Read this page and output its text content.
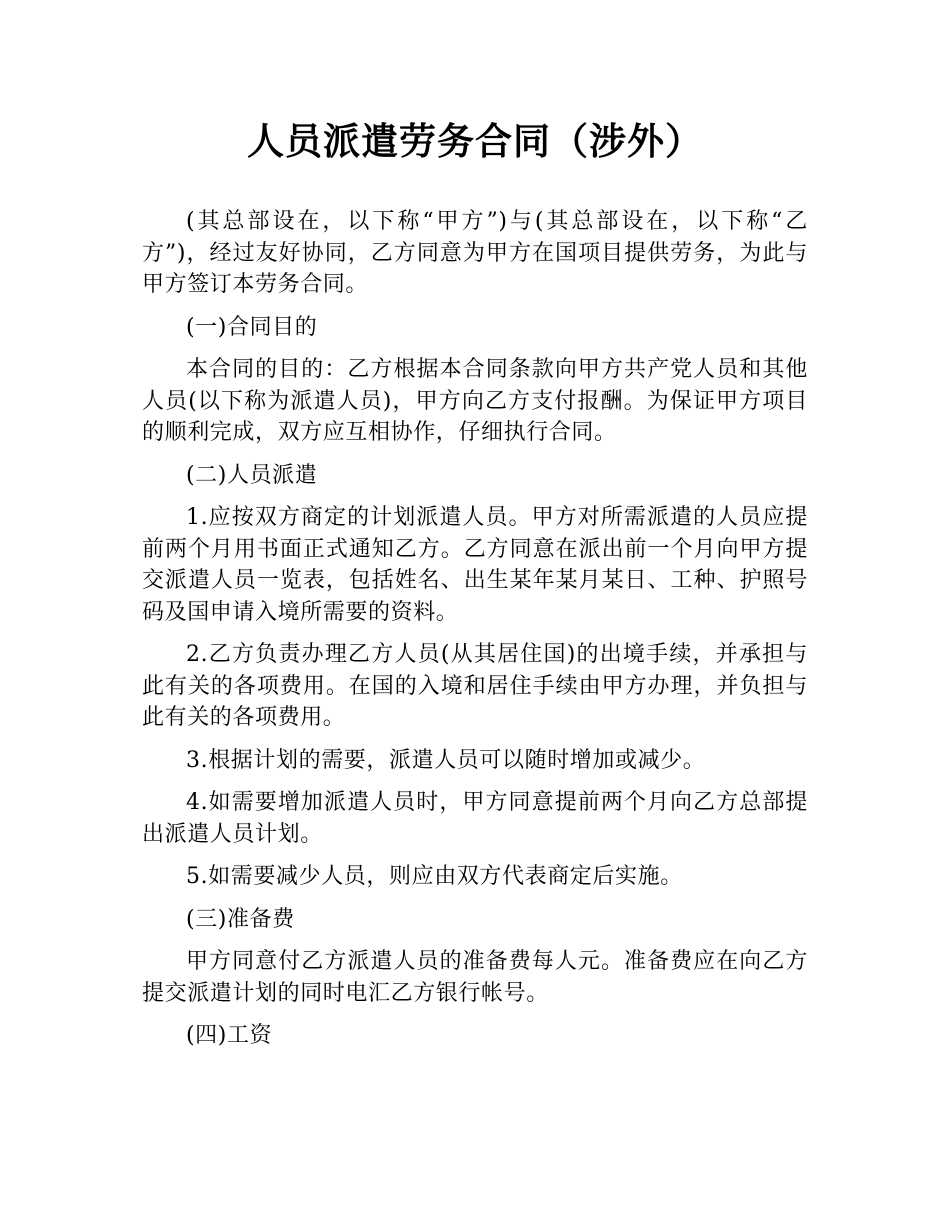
人员派遣劳务合同（涉外）

(其总部设在，以下称“甲方”)与(其总部设在，以下称“乙方”)，经过友好协同，乙方同意为甲方在国项目提供劳务，为此与甲方签订本劳务合同。

(一)合同目的

本合同的目的：乙方根据本合同条款向甲方共产党人员和其他人员(以下称为派遣人员)，甲方向乙方支付报酬。为保证甲方项目的顺利完成，双方应互相协作，仔细执行合同。

(二)人员派遣

1.应按双方商定的计划派遣人员。甲方对所需派遣的人员应提前两个月用书面正式通知乙方。乙方同意在派出前一个月向甲方提交派遣人员一览表，包括姓名、出生某年某月某日、工种、护照号码及国申请入境所需要的资料。

2.乙方负责办理乙方人员(从其居住国)的出境手续，并承担与此有关的各项费用。在国的入境和居住手续由甲方办理，并负担与此有关的各项费用。

3.根据计划的需要，派遣人员可以随时增加或减少。

4.如需要增加派遣人员时，甲方同意提前两个月向乙方总部提出派遣人员计划。

5.如需要减少人员，则应由双方代表商定后实施。

(三)准备费

甲方同意付乙方派遣人员的准备费每人元。准备费应在向乙方提交派遣计划的同时电汇乙方银行帐号。

(四)工资
